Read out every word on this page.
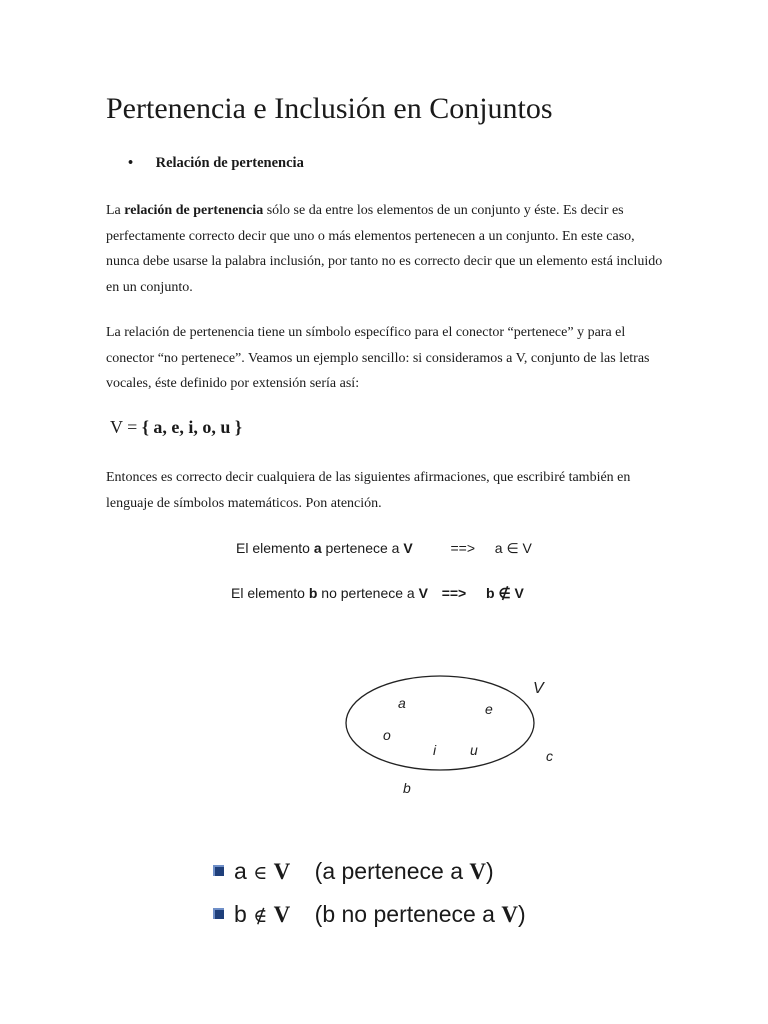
Pertenencia e Inclusión en Conjuntos
• Relación de pertenencia

La relación de pertenencia sólo se da entre los elementos de un conjunto y éste. Es decir es perfectamente correcto decir que uno o más elementos pertenecen a un conjunto. En este caso, nunca debe usarse la palabra inclusión, por tanto no es correcto decir que un elemento está incluido en un conjunto.

La relación de pertenencia tiene un símbolo específico para el conector “pertenece” y para el conector “no pertenece”. Veamos un ejemplo sencillo: si consideramos a V, conjunto de las letras vocales, éste definido por extensión sería así:

V = { a, e, i, o, u }

Entonces es correcto decir cualquiera de las siguientes afirmaciones, que escribiré también en lenguaje de símbolos matemáticos. Pon atención.

El elemento a pertenece a V	==> a ∈ V
El elemento b no pertenece a V ==> b ∉ V
V
a	e
o
i u	c
b
a ∈ V (a pertenece a V)
b ∉ V (b no pertenece a V)
